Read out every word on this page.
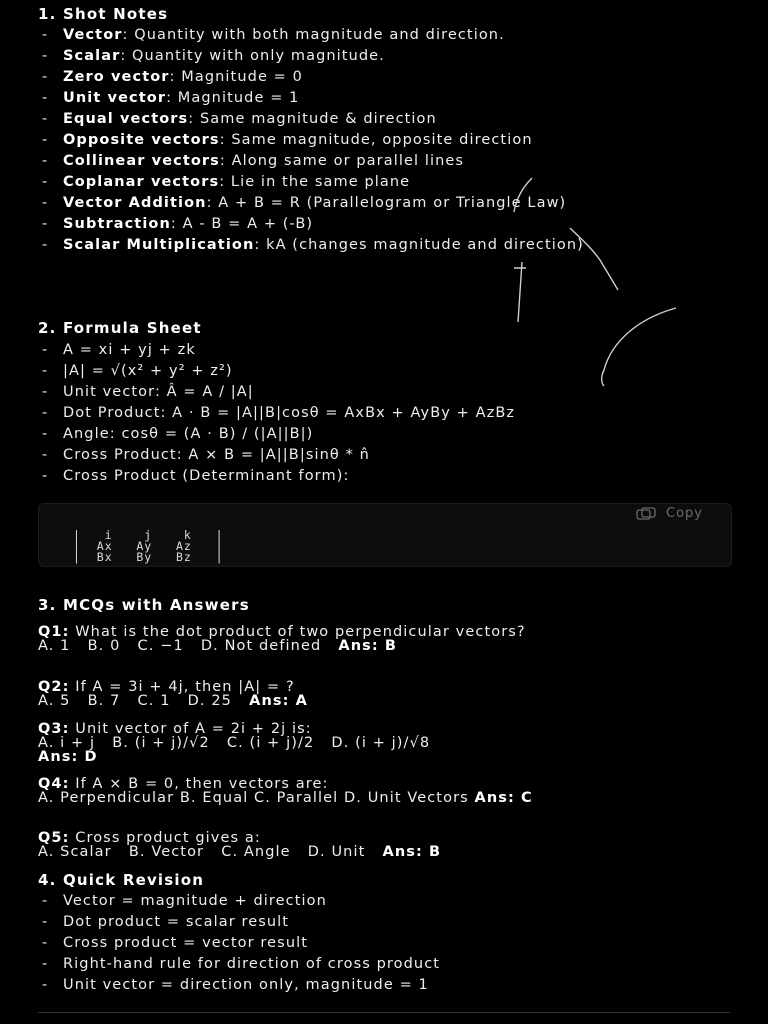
1. Shot Notes
- Vector: Quantity with both magnitude and direction.
- Scalar: Quantity with only magnitude.
- Zero vector: Magnitude = 0
- Unit vector: Magnitude = 1
- Equal vectors: Same magnitude & direction
- Opposite vectors: Same magnitude, opposite direction
- Collinear vectors: Along same or parallel lines
- Coplanar vectors: Lie in the same plane
- Vector Addition: A + B = R (Parallelogram or Triangle Law)
- Subtraction: A - B = A + (-B)
- Scalar Multiplication: kA (changes magnitude and direction)
2. Formula Sheet
- A = xi + yj + zk
- |A| = √(x² + y² + z²)
- Unit vector: Â = A / |A|
- Dot Product: A · B = |A||B|cosθ = AxBx + AyBy + AzBz
- Angle: cosθ = (A · B) / (|A||B|)
- Cross Product: A × B = |A||B|sinθ * n̂
- Cross Product (Determinant form):
3. MCQs with Answers
Q1: What is the dot product of two perpendicular vectors?
A. 1   B. 0   C. −1   D. Not defined   Ans: B
Q2: If A = 3i + 4j, then |A| = ?
A. 5   B. 7   C. 1   D. 25   Ans: A
Q3: Unit vector of A = 2i + 2j is:
A. i + j   B. (i + j)/√2   C. (i + j)/2   D. (i + j)/√8
Ans: D
Q4: If A × B = 0, then vectors are:
A. Perpendicular B. Equal C. Parallel D. Unit Vectors Ans: C
Q5: Cross product gives a:
A. Scalar   B. Vector   C. Angle   D. Unit   Ans: B
4. Quick Revision
- Vector = magnitude + direction
- Dot product = scalar result
- Cross product = vector result
- Right-hand rule for direction of cross product
- Unit vector = direction only, magnitude = 1
Copy
|   i    j    k   |
|  Ax   Ay   Az   |
|  Bx   By   Bz   |
